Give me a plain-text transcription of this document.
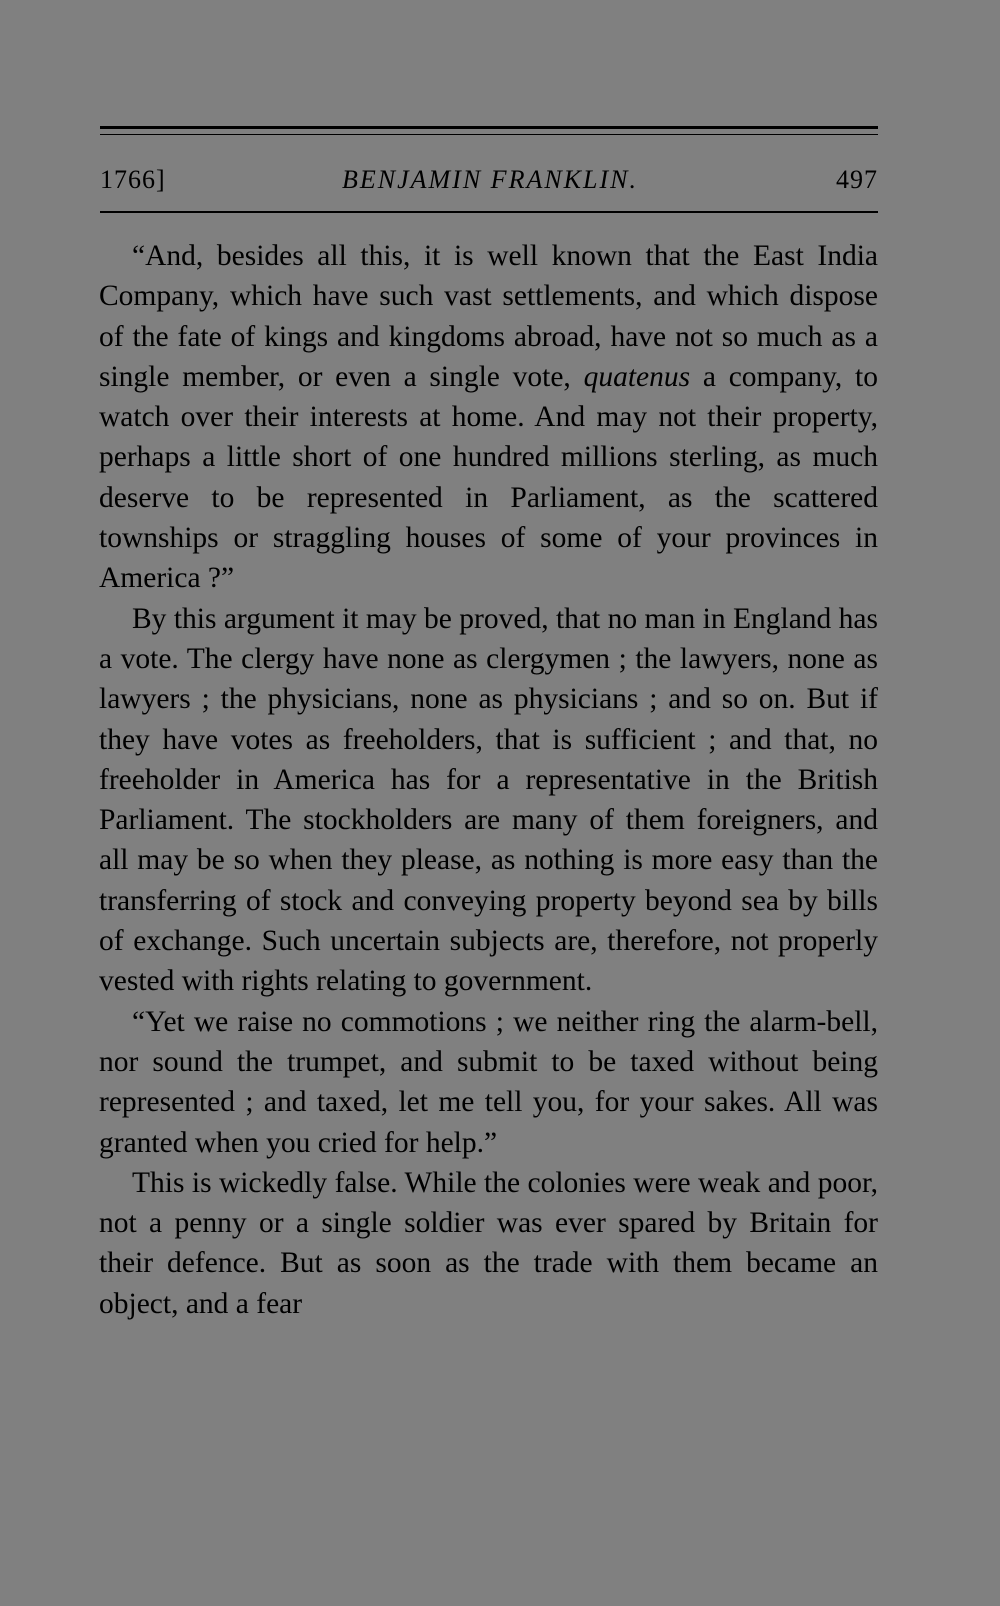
1766]	BENJAMIN FRANKLIN.	497

“And, besides all this, it is well known that the East India Company, which have such vast settlements, and which dispose of the fate of kings and kingdoms abroad, have not so much as a single member, or even a single vote, quatenus a company, to watch over their interests at home. And may not their property, perhaps a little short of one hundred millions sterling, as much deserve to be represented in Parliament, as the scattered townships or straggling houses of some of your provinces in America ?”

By this argument it may be proved, that no man in England has a vote. The clergy have none as clergymen ; the lawyers, none as lawyers ; the physicians, none as physicians ; and so on. But if they have votes as freeholders, that is sufficient ; and that, no freeholder in America has for a representative in the British Parliament. The stockholders are many of them foreigners, and all may be so when they please, as nothing is more easy than the transferring of stock and conveying property beyond sea by bills of exchange. Such uncertain subjects are, therefore, not properly vested with rights relating to government.

“Yet we raise no commotions ; we neither ring the alarm-bell, nor sound the trumpet, and submit to be taxed without being represented ; and taxed, let me tell you, for your sakes. All was granted when you cried for help.”

This is wickedly false. While the colonies were weak and poor, not a penny or a single soldier was ever spared by Britain for their defence. But as soon as the trade with them became an object, and a fear
